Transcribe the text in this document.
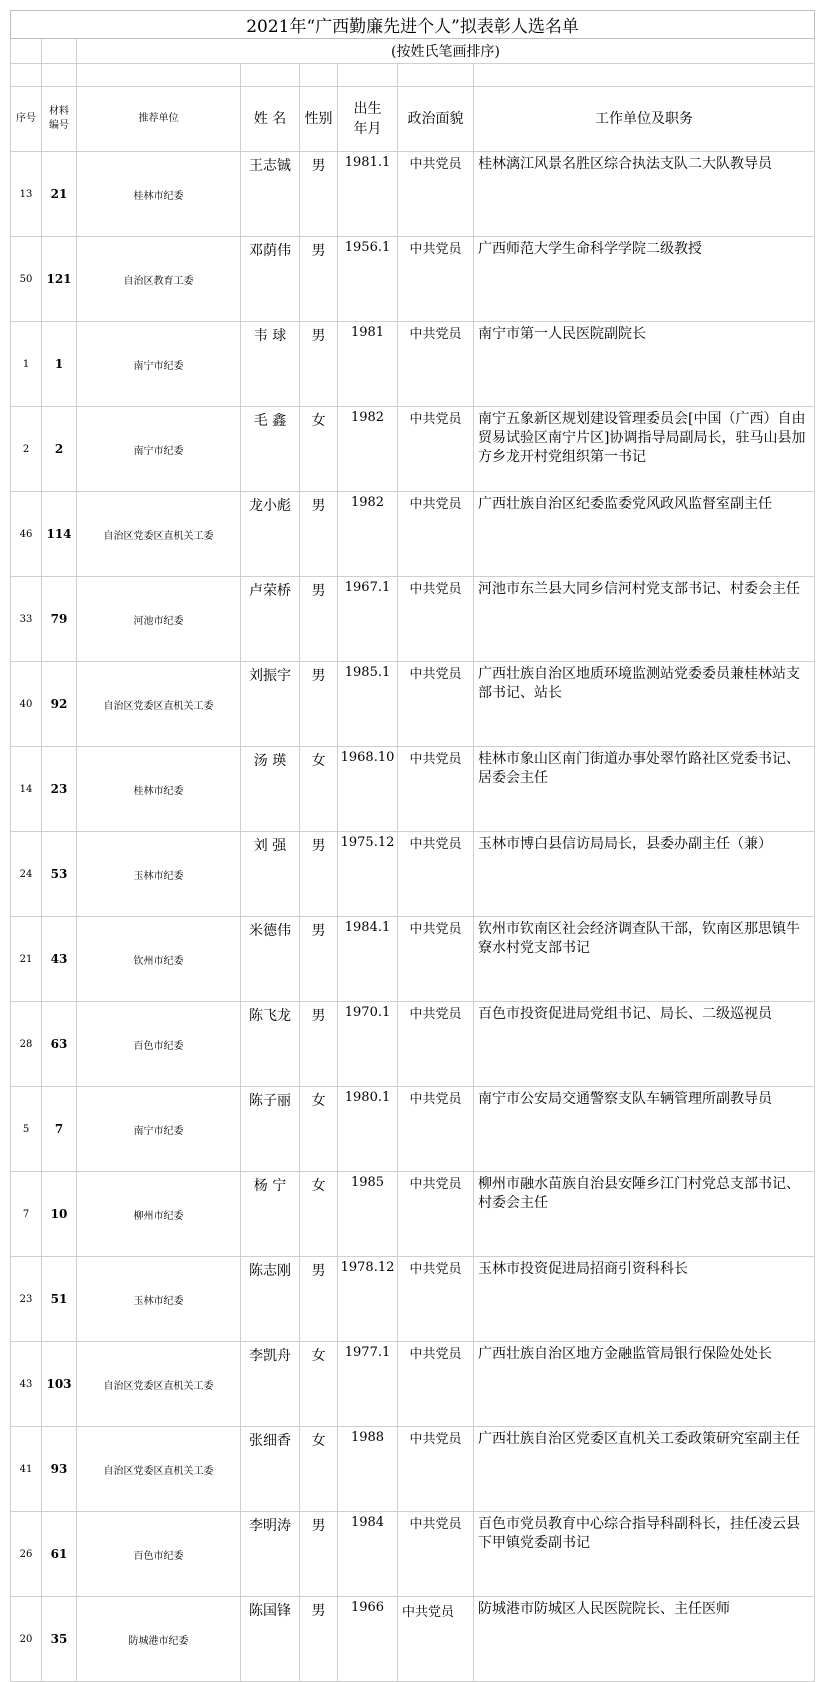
2021年“广西勤廉先进个人”拟表彰人选名单							
		(按姓氏笔画排序)					

序号	材料编号	推荐单位	姓 名	性别	出生年月	政治面貌	工作单位及职务
13	21	桂林市纪委	王志铖	男	1981.1	中共党员	桂林漓江风景名胜区综合执法支队二大队教导员
50	121	自治区教育工委	邓荫伟	男	1956.1	中共党员	广西师范大学生命科学学院二级教授
1	1	南宁市纪委	韦 球	男	1981	中共党员	南宁市第一人民医院副院长
2	2	南宁市纪委	毛 鑫	女	1982	中共党员	南宁五象新区规划建设管理委员会[中国（广西）自由贸易试验区南宁片区]协调指导局副局长，驻马山县加方乡龙开村党组织第一书记
46	114	自治区党委区直机关工委	龙小彪	男	1982	中共党员	广西壮族自治区纪委监委党风政风监督室副主任
33	79	河池市纪委	卢荣桥	男	1967.1	中共党员	河池市东兰县大同乡信河村党支部书记、村委会主任
40	92	自治区党委区直机关工委	刘振宇	男	1985.1	中共党员	广西壮族自治区地质环境监测站党委委员兼桂林站支部书记、站长
14	23	桂林市纪委	汤 瑛	女	1968.10	中共党员	桂林市象山区南门街道办事处翠竹路社区党委书记、居委会主任
24	53	玉林市纪委	刘 强	男	1975.12	中共党员	玉林市博白县信访局局长，县委办副主任（兼）
21	43	钦州市纪委	米德伟	男	1984.1	中共党员	钦州市钦南区社会经济调查队干部，钦南区那思镇牛寮水村党支部书记
28	63	百色市纪委	陈飞龙	男	1970.1	中共党员	百色市投资促进局党组书记、局长、二级巡视员
5	7	南宁市纪委	陈子丽	女	1980.1	中共党员	南宁市公安局交通警察支队车辆管理所副教导员
7	10	柳州市纪委	杨 宁	女	1985	中共党员	柳州市融水苗族自治县安陲乡江门村党总支部书记、村委会主任
23	51	玉林市纪委	陈志刚	男	1978.12	中共党员	玉林市投资促进局招商引资科科长
43	103	自治区党委区直机关工委	李凯舟	女	1977.1	中共党员	广西壮族自治区地方金融监管局银行保险处处长
41	93	自治区党委区直机关工委	张细香	女	1988	中共党员	广西壮族自治区党委区直机关工委政策研究室副主任
26	61	百色市纪委	李明涛	男	1984	中共党员	百色市党员教育中心综合指导科副科长，挂任凌云县下甲镇党委副书记
20	35	防城港市纪委	陈国锋	男	1966	中共党员	防城港市防城区人民医院院长、主任医师
